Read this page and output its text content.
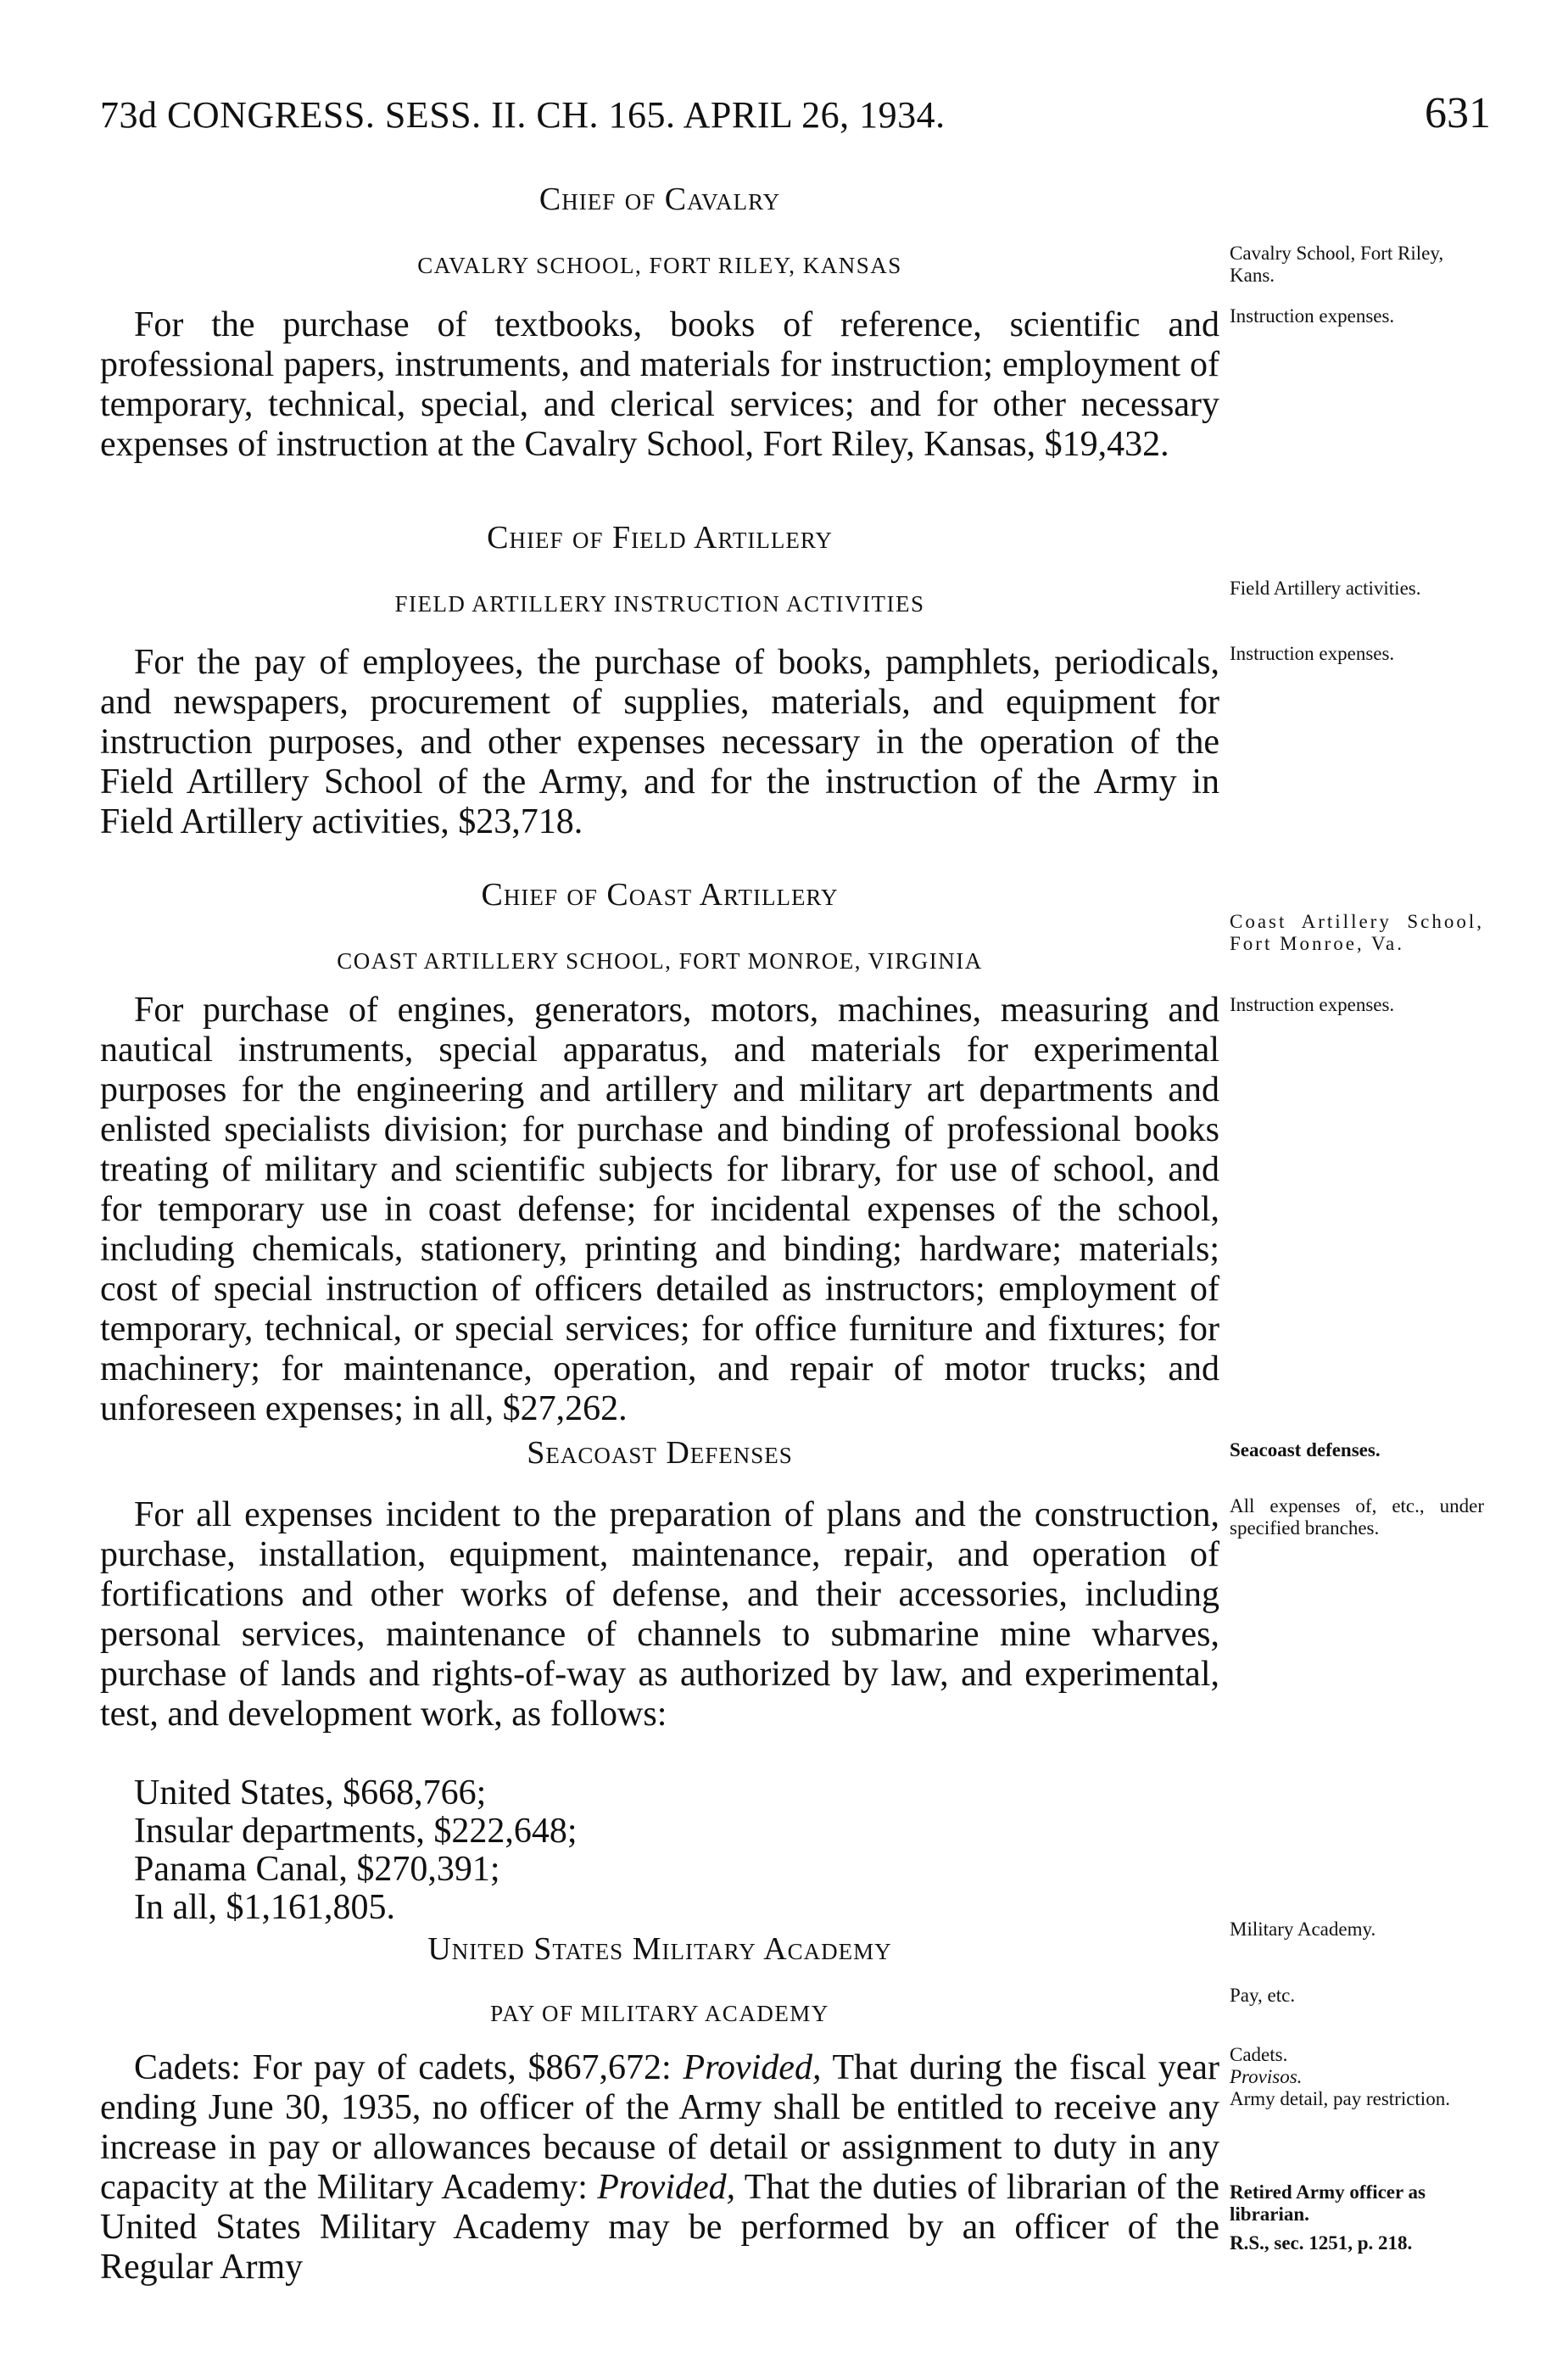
73d CONGRESS. SESS. II. CH. 165. APRIL 26, 1934.	631
Chief of Cavalry
CAVALRY SCHOOL, FORT RILEY, KANSAS
For the purchase of textbooks, books of reference, scientific and professional papers, instruments, and materials for instruction; employment of temporary, technical, special, and clerical services; and for other necessary expenses of instruction at the Cavalry School, Fort Riley, Kansas, $19,432.
Cavalry School, Fort Riley, Kans.
Instruction expenses.
Chief of Field Artillery
FIELD ARTILLERY INSTRUCTION ACTIVITIES
For the pay of employees, the purchase of books, pamphlets, periodicals, and newspapers, procurement of supplies, materials, and equipment for instruction purposes, and other expenses necessary in the operation of the Field Artillery School of the Army, and for the instruction of the Army in Field Artillery activities, $23,718.
Field Artillery activities.
Instruction expenses.
Chief of Coast Artillery
COAST ARTILLERY SCHOOL, FORT MONROE, VIRGINIA
For purchase of engines, generators, motors, machines, measuring and nautical instruments, special apparatus, and materials for experimental purposes for the engineering and artillery and military art departments and enlisted specialists division; for purchase and binding of professional books treating of military and scientific subjects for library, for use of school, and for temporary use in coast defense; for incidental expenses of the school, including chemicals, stationery, printing and binding; hardware; materials; cost of special instruction of officers detailed as instructors; employment of temporary, technical, or special services; for office furniture and fixtures; for machinery; for maintenance, operation, and repair of motor trucks; and unforeseen expenses; in all, $27,262.
Coast Artillery School, Fort Monroe, Va.
Instruction expenses.
Seacoast Defenses
For all expenses incident to the preparation of plans and the construction, purchase, installation, equipment, maintenance, repair, and operation of fortifications and other works of defense, and their accessories, including personal services, maintenance of channels to submarine mine wharves, purchase of lands and rights-of-way as authorized by law, and experimental, test, and development work, as follows:
United States, $668,766;
Insular departments, $222,648;
Panama Canal, $270,391;
In all, $1,161,805.
Seacoast defenses.
All expenses of, etc., under specified branches.
United States Military Academy
PAY OF MILITARY ACADEMY
Cadets: For pay of cadets, $867,672: Provided, That during the fiscal year ending June 30, 1935, no officer of the Army shall be entitled to receive any increase in pay or allowances because of detail or assignment to duty in any capacity at the Military Academy: Provided, That the duties of librarian of the United States Military Academy may be performed by an officer of the Regular Army
Military Academy.
Pay, etc.
Cadets.
Provisos.
Army detail, pay restriction.
Retired Army officer as librarian.
R.S., sec. 1251, p. 218.
